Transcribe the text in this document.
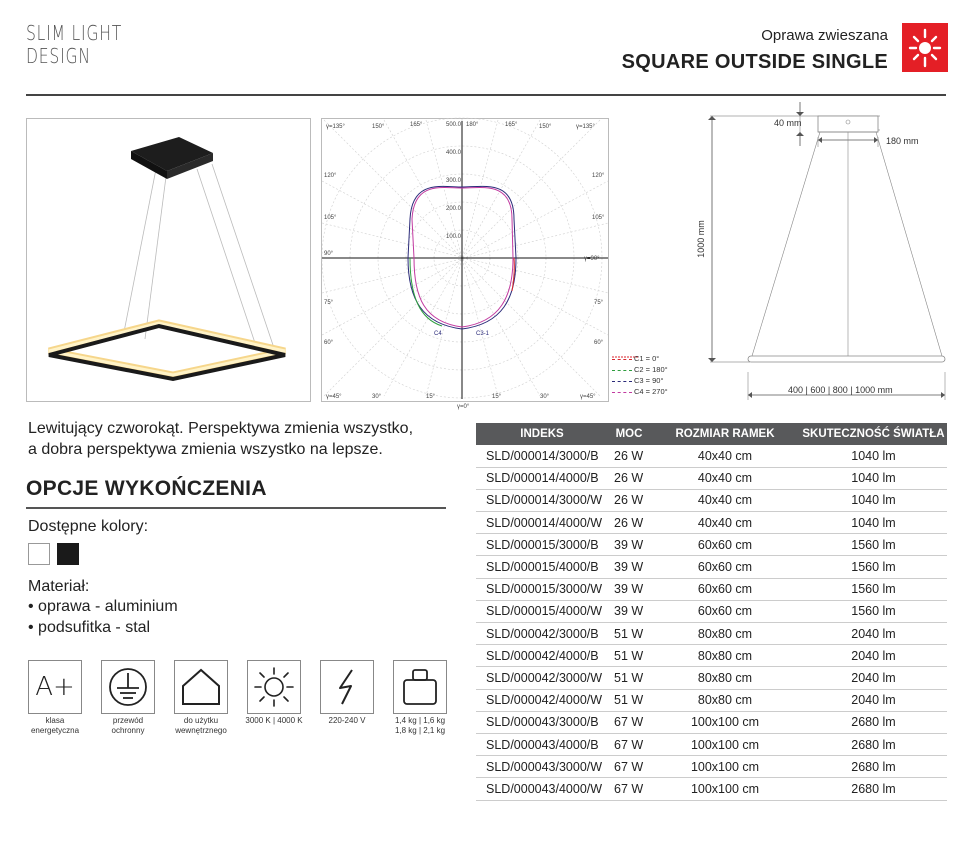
SLIM LIGHT
DESIGN
Oprawa zwieszana
SQUARE OUTSIDE SINGLE
γ=135°	150°	165°	180°	165°	150°	γ=135°
120°	120°
105°	105°
90°
γ=90°
75°	75°
60°	60°
γ=45°	30°	15°
γ=0°
15°	30°	γ=45°
500.0
400.0
300.0
200.0
100.0
C4	C3-1
C1 = 0°
C2 = 180°
C3 = 90°
C4 = 270°
40 mm
180 mm
1000 mm
400 | 600 | 800 | 1000 mm
Lewitujący czworokąt. Perspektywa zmienia wszystko,
a dobra perspektywa zmienia wszystko na lepsze.
OPCJE WYKOŃCZENIA
Dostępne kolory:
Materiał:
• oprawa - aluminium
• podsufitka - stal
A+
klasa
energetyczna
przewód
ochronny
do użytku
wewnętrznego
3000 K | 4000 K	220-240 V	1,4 kg | 1,6 kg
1,8 kg | 2,1 kg
INDEKS	MOC	ROZMIAR RAMEK	SKUTECZNOŚĆ ŚWIATŁA
SLD/000014/3000/B	26 W	40x40 cm	1040 lm
SLD/000014/4000/B	26 W	40x40 cm	1040 lm
SLD/000014/3000/W	26 W	40x40 cm	1040 lm
SLD/000014/4000/W	26 W	40x40 cm	1040 lm
SLD/000015/3000/B	39 W	60x60 cm	1560 lm
SLD/000015/4000/B	39 W	60x60 cm	1560 lm
SLD/000015/3000/W	39 W	60x60 cm	1560 lm
SLD/000015/4000/W	39 W	60x60 cm	1560 lm
SLD/000042/3000/B	51 W	80x80 cm	2040 lm
SLD/000042/4000/B	51 W	80x80 cm	2040 lm
SLD/000042/3000/W	51 W	80x80 cm	2040 lm
SLD/000042/4000/W	51 W	80x80 cm	2040 lm
SLD/000043/3000/B	67 W	100x100 cm	2680 lm
SLD/000043/4000/B	67 W	100x100 cm	2680 lm
SLD/000043/3000/W	67 W	100x100 cm	2680 lm
SLD/000043/4000/W	67 W	100x100 cm	2680 lm
